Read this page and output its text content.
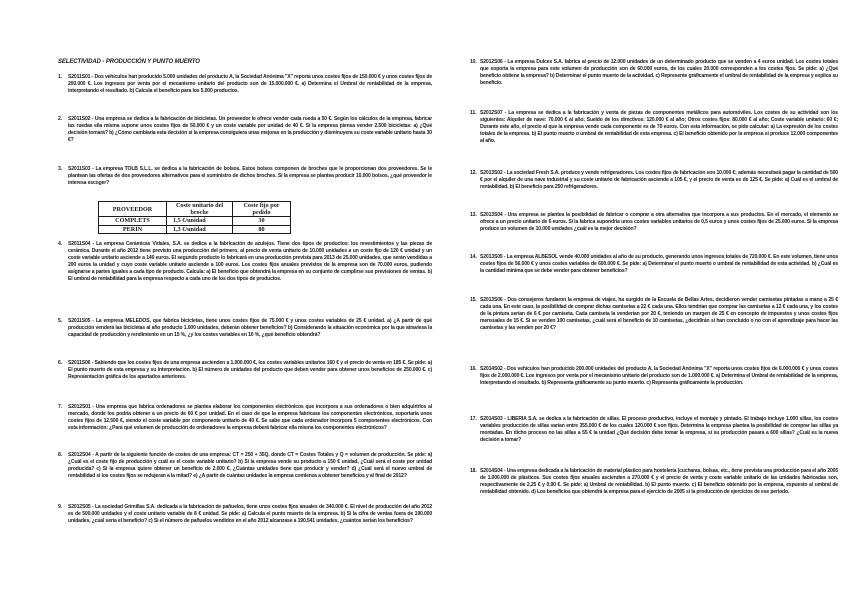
SELECTIVIDAD - PRODUCCIÓN Y PUNTO MUERTO
1. S2011S01 - Dos vehículos han producido 5.000 unidades del producto A, la Sociedad Anónima "X" reporta unos costes fijos de 150.000 € y unos costes fijos de 200.000 €. Los ingresos por venta por el mecanismo unitario del producto son de 15.000.000 €. a) Determina el Umbral de rentabilidad de la empresa, interpretando el resultado. b) Calcula el beneficio para los 5.000 productos.
2. S2011S02 - Una empresa se dedica a la fabricación de bicicletas. Un proveedor le ofrece vender cada rueda a 50 €. Según los cálculos de la empresa, fabricar las ruedas ella misma supone unos costes fijos de 50.000 € y un coste variable por unidad de 40 €. Si la empresa piensa vender 2.500 bicicletas: a) ¿Qué decisión tomará? b) ¿Cómo cambiaría esta decisión si la empresa consiguiera unas mejoras en la producción y disminuyera su coste variable unitario hasta 30 €?
3. S2011S03 - La empresa TOLB S.L.L. se dedica a la fabricación de bolsos. Estos bolsos componen de broches que le proporcionan dos proveedores. Se le plantean las ofertas de dos proveedores alternativos para el suministro de dichos broches. Si la empresa se plantea producir 10.000 bolsos, ¿qué proveedor le interesa escoger?
PROVEEDOR	Coste unitario del broche	Coste fijo por pedido
COMPLETS	1,5 €/unidad	30
PERÍN	1,3 €/unidad	80
4. S2011S04 - La empresa Cerámicas Vidales, S.A. se dedica a la fabricación de azulejos. Tiene dos tipos de productos: los revestimientos y las piezas de cerámica. Durante el año 2012 tiene previsto una producción del primero, al precio de venta unitario de 10.000 unidades a un coste fijo de 120 € unidad y un coste variable unitario asciende a 140 euros. El segundo producto lo fabricará en una producción prevista para 2013 de 25.000 unidades, que serán vendidas a 200 euros la unidad y cuyo coste variable unitario asciende a 100 euros. Los costes fijos anuales previstos de la empresa son de 70.000 euros, pudiendo asignarse a partes iguales a cada tipo de producto. Calcula: a) El beneficio que obtendrá la empresa en su conjunto de cumplirse sus previsiones de ventas. b) El umbral de rentabilidad para la empresa respecto a cada uno de los dos tipos de productos.
5. S2011S05 - La empresa MELEDOS, que fabrica bicicletas, tiene unos costes fijos de 75.000 € y unos costes variables de 25 € unidad. a) ¿A partir de qué producción venderá las bicicletas al año producto 1.000 unidades, deberán obtener beneficios? b) Considerando la situación económica por la que atraviesa la capacidad de producción y rendimiento en un 15 %, ¿y los costes variables en 10 %, ¿qué beneficio obtendrá?
6. S2011S06 - Sabiendo que los costes fijos de una empresa ascienden a 1.000.000 €, los costes variables unitarios 160 € y el precio de venta en 185 €. Se pide: a) El punto muerto de esta empresa y su interpretación. b) El número de unidades del producto que deben vender para obtener unos beneficios de 250.000 €. c) Representación gráfica de los apartados anteriores.
7. S2012S01 - Una empresa que fabrica ordenadores se plantea elaborar los componentes electrónicos que incorpora a sus ordenadores o bien adquirirlos al mercado, donde los podría obtener a un precio de 60 € por unidad. En el caso de que la empresa fabricase los componentes electrónicos, soportaría unos costes fijos de 12.500 €, siendo el coste variable por componente unitario de 40 €. Se sabe que cada ordenador incorpora 5 componentes electrónicos. Con esta información: ¿Para qué volumen de producción de ordenadores la empresa deberá fabricar ella misma los componentes electrónicos?
8. S2012S04 - A partir de la siguiente función de costes de una empresa: CT = 250 + 35Q, donde CT = Costes Totales y Q = volumen de producción. Se pide: a) ¿Cuál es el coste fijo de producción y cuál es el coste variable unitario? b) Si la empresa vende su producto a 150 € unidad, ¿Cuál será el coste por unidad producida? c) Si la empresa quiere obtener un beneficio de 2.000 €, ¿Cuántas unidades tiene que producir y vender? d) ¿Cuál será el nuevo umbral de rentabilidad si los costes fijos se redujeran a la mitad? e) ¿A partir de cuántas unidades la empresa comienza a obtener beneficios y al final de 2012?
9. S2012S05 - La sociedad Grimillas S.A. dedicada a la fabricación de pañuelos, tiene unos costes fijos anuales de 340.000 €. El nivel de producción del año 2012 es de 500.000 unidades y el coste unitario variable de 8 € unidad. Se pide: a) Calcula el punto muerto de la empresa. b) Si la cifra de ventas fuera de 190.000 unidades, ¿cuál sería el beneficio? c) Si el número de pañuelos vendidos en el año 2012 alcanzase a 190.541 unidades, ¿cuántos serían los beneficios?
10. S2012S06 - La empresa Dulces S.A. fabrica al precio de 12.000 unidades de un determinado producto que se venden a 4 euros unidad. Los costes totales que soporta la empresa para este volumen de producción son de 60.000 euros, de los cuales 20.000 corresponden a los costes fijos. Se pide: a) ¿Qué beneficio obtiene la empresa? b) Determinar el punto muerto de la actividad. c) Represente gráficamente el umbral de rentabilidad de la empresa y explica su beneficio.
11. S2012S07 - La empresa se dedica a la fabricación y venta de piezas de componentes metálicos para automóviles. Los costes de su actividad son los siguientes: Alquiler de nave: 70.000 € al año; Sueldo de los directivos: 120.000 € al año; Otros costes fijos: 80.000 € al año; Coste variable unitario: 60 €; Durante este año, el precio al que la empresa vende cada componente es de 70 euros. Con esta información, se pide calcular: a) La expresión de los costes totales de la empresa. b) El punto muerto o umbral de rentabilidad de esta empresa. c) El beneficio obtenido por la empresa si produce 12.000 componentes al año.
12. S2013S02 - La sociedad Fresh S.A. produce y vende refrigeradores. Los costes fijos de fabricación son 10.000 €; además necesitará pagar la cantidad de 500 € por el alquiler de una nave industrial y su coste unitario de fabricación asciende a 105 €, y el precio de venta es de 125 €. Se pide: a) Cuál es el umbral de rentabilidad. b) El beneficio para 250 refrigeradores.
13. S2013S04 - Una empresa se plantea la posibilidad de fabricar o comprar a otra alternativa que incorpora a sus productos. En el mercado, el elemento se ofrece a un precio unitario de 6 euros. Si la fabrica supondría unos costes variables unitarios de 0,5 euros y unos costes fijos de 25.000 euros. Si la empresa produce un volumen de 10.000 unidades ¿cuál es la mejor decisión?
14. S2013S05 - La empresa ALBESOL vende 40.000 unidades al año de su producto, generando unos ingresos totales de 720.000 €. En este volumen, tiene unos costes fijos de 56.000 € y unos costes variables de 600.000 €. Se pide: a) Determinar el punto muerto o umbral de rentabilidad de esta actividad. b) ¿Cuál es la cantidad mínima que se debe vender para obtener beneficios?
15. S2013S06 - Dos consejeros fundaron la empresa de viajes, ha surgido de la Escuela de Bellas Artes, decidieron vender camisetas pintadas a mano a 25 € cada una. En este caso, la posibilidad de comprar dichas camisetas a 22 € cada una. Ellos tendrían que comprar las camisetas a 12 € cada una, y los costes de la pintura serían de 6 € por camiseta. Cada camiseta la venderían por 20 €, teniendo un margen de 25 € en concepto de impuestos y unos costes fijos mensuales de 15 €. Si se venden 100 camisetas, ¿cuál será el beneficio de 10 camisetas, ¿decidirán si han concluido o no con el aprendizaje para hacer las camisetas y las venden por 20 €?
16. S2014S02 - Dos vehículos han producido 200.000 unidades del producto A, la Sociedad Anónima "X" reporta unos costes fijos de 6.000.000 € y unos costes fijos de 2.000.000 €. Los ingresos por venta por el mecanismo unitario del producto son de 1.000.000 €. a) Determina el Umbral de rentabilidad de la empresa, interpretando el resultado. b) Representa gráficamente su punto muerto. c) Representa gráficamente la producción.
17. S2014S03 - LIBERIA S.A. se dedica a la fabricación de sillas. El proceso productivo, incluye el montaje y pintado. El trabajo incluye 1.000 sillas, los costes variables producción de sillas varían entre 355.000 € de los cuales 120.000 € son fijos. Determina la empresa plantea la posibilidad de comprar las sillas ya montadas. En dicho proceso no las sillas a 55 € la unidad ¿Qué decisión debe tomar la empresa, si su producción pasara a 600 sillas? ¿Cuál es la nueva decisión a tomar?
18. S2014S04 - Una empresa dedicada a la fabricación de material plástico para hostelería (cucharas, bolsas, etc., tiene prevista una producción para el año 2005 de 1.000.000 de plásticos. Sus costes fijos anuales ascienden a 270.000 € y el precio de venta y coste variable unitario de las unidades fabricadas son, respectivamente de 2,25 € y 0,90 €. Se pide: a) Umbral de rentabilidad. b) El punto muerto. c) El beneficio obtenido por la empresa, expuesto al umbral de rentabilidad obtenido. d) Los beneficios que obtendrá la empresa para el ejercicio de 2005 si la producción de ejercicios de ese periodo.
